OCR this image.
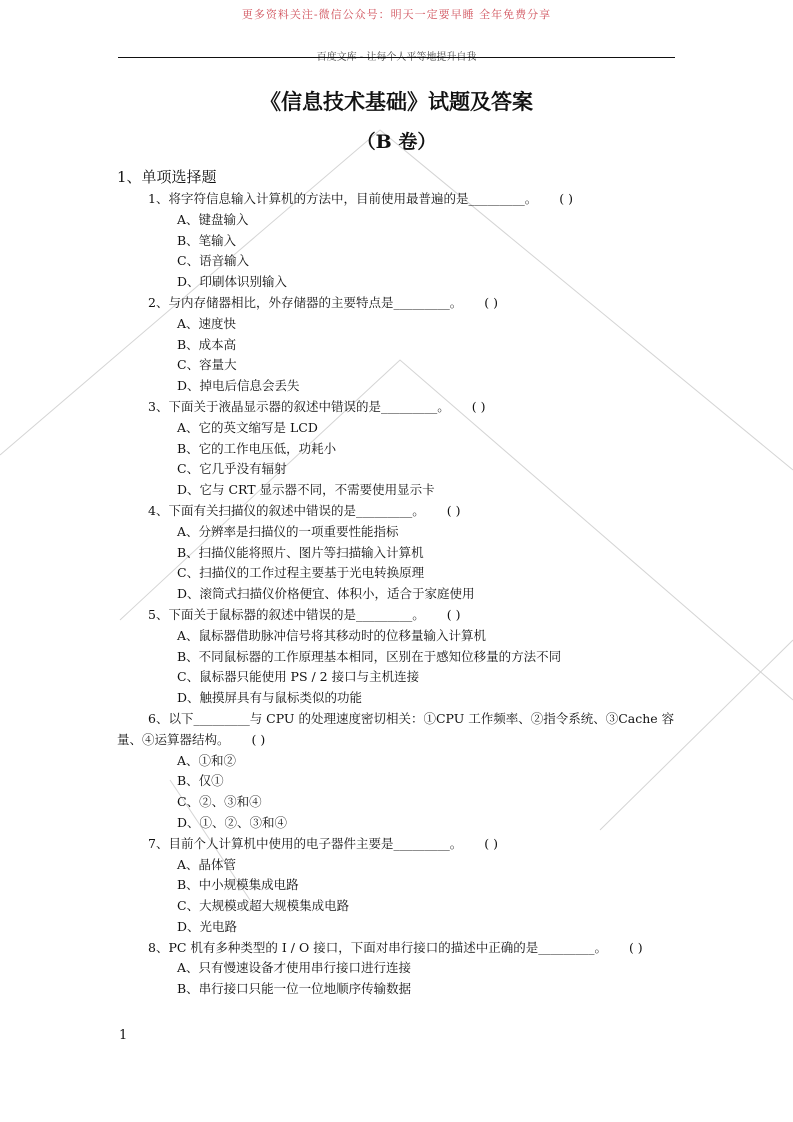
更多资料关注-微信公众号：明天一定要早睡 全年免费分享
《信息技术基础》试题及答案
（B 卷）
1、单项选择题
1、将字符信息输入计算机的方法中，目前使用最普遍的是_________。 ( )
A、键盘输入
B、笔输入
C、语音输入
D、印刷体识别输入
2、与内存储器相比，外存储器的主要特点是_________。 ( )
A、速度快
B、成本高
C、容量大
D、掉电后信息会丢失
3、下面关于液晶显示器的叙述中错误的是_________。 ( )
A、它的英文缩写是 LCD
B、它的工作电压低，功耗小
C、它几乎没有辐射
D、它与 CRT 显示器不同，不需要使用显示卡
4、下面有关扫描仪的叙述中错误的是_________。 ( )
A、分辨率是扫描仪的一项重要性能指标
B、扫描仪能将照片、图片等扫描输入计算机
C、扫描仪的工作过程主要基于光电转换原理
D、滚筒式扫描仪价格便宜、体积小，适合于家庭使用
5、下面关于鼠标器的叙述中错误的是_________。 ( )
A、鼠标器借助脉冲信号将其移动时的位移量输入计算机
B、不同鼠标器的工作原理基本相同，区别在于感知位移量的方法不同
C、鼠标器只能使用 PS / 2 接口与主机连接
D、触摸屏具有与鼠标类似的功能
6、以下_________与 CPU 的处理速度密切相关：①CPU 工作频率、②指令系统、③Cache 容量、④运算器结构。 ( )
A、①和②
B、仅①
C、②、③和④
D、①、②、③和④
7、目前个人计算机中使用的电子器件主要是_________。 ( )
A、晶体管
B、中小规模集成电路
C、大规模或超大规模集成电路
D、光电路
8、PC 机有多种类型的 I / O 接口，下面对串行接口的描述中正确的是_________。 ( )
A、只有慢速设备才使用串行接口进行连接
B、串行接口只能一位一位地顺序传输数据
1
